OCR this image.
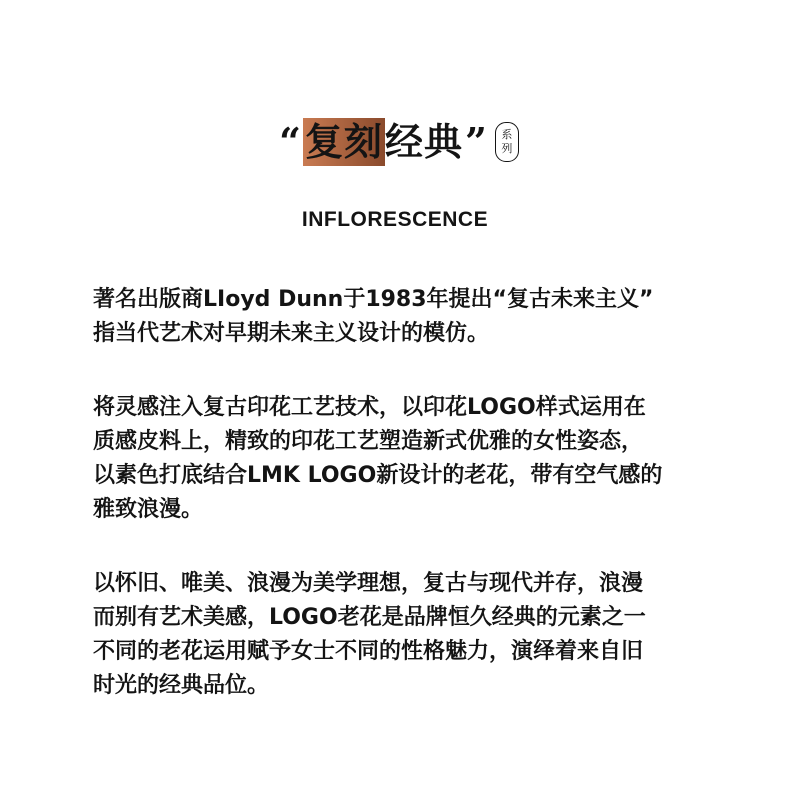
“ 复刻 经典 ” 系
列
INFLORESCENCE
著名出版商LIoyd Dunn于1983年提出“复古未来主义”
指当代艺术对早期未来主义设计的模仿。
将灵感注入复古印花工艺技术，以印花LOGO样式运用在
质感皮料上，精致的印花工艺塑造新式优雅的女性姿态，
以素色打底结合LMK LOGO新设计的老花，带有空气感的
雅致浪漫。
以怀旧、唯美、浪漫为美学理想，复古与现代并存，浪漫
而别有艺术美感，LOGO老花是品牌恒久经典的元素之一
不同的老花运用赋予女士不同的性格魅力，演绎着来自旧
时光的经典品位。
